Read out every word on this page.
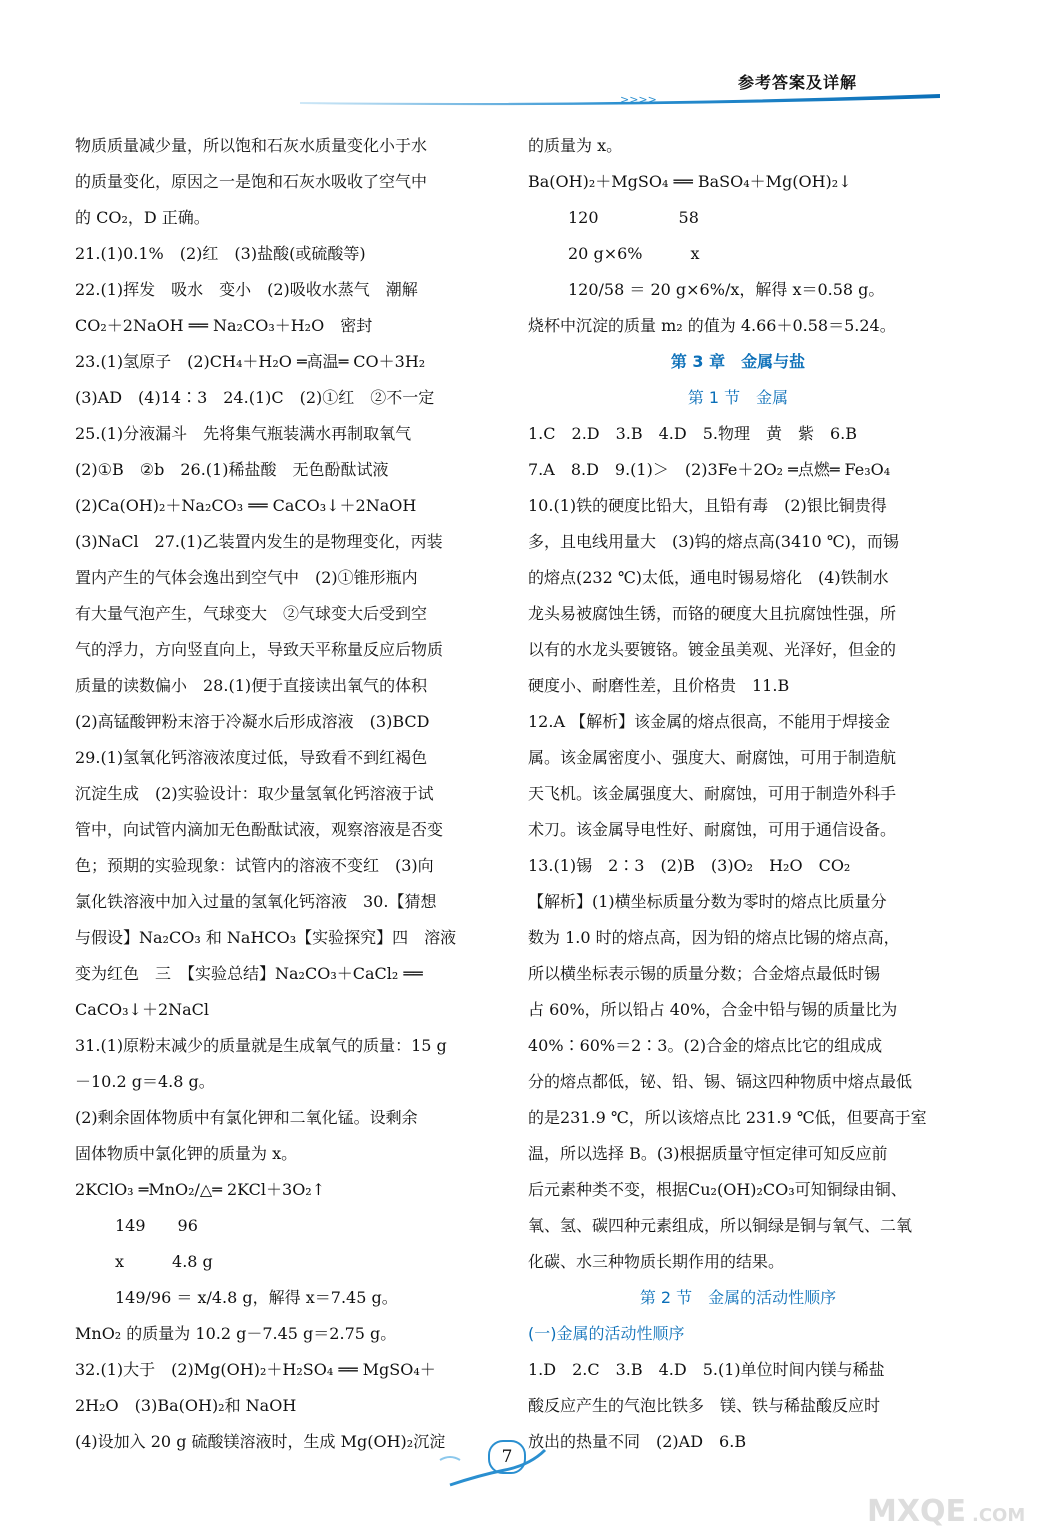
参考答案及详解
>>>>
物质质量减少量，所以饱和石灰水质量变化小于水
的质量变化，原因之一是饱和石灰水吸收了空气中
的 CO₂，D 正确。
21.(1)0.1%　(2)红　(3)盐酸(或硫酸等)
22.(1)挥发　吸水　变小　(2)吸收水蒸气　潮解
CO₂＋2NaOH ══ Na₂CO₃＋H₂O　密封
23.(1)氢原子　(2)CH₄＋H₂O ═高温═ CO＋3H₂
(3)AD　(4)14∶3　24.(1)C　(2)①红　②不一定
25.(1)分液漏斗　先将集气瓶装满水再制取氧气
(2)①B　②b　26.(1)稀盐酸　无色酚酞试液
(2)Ca(OH)₂＋Na₂CO₃ ══ CaCO₃↓＋2NaOH
(3)NaCl　27.(1)乙装置内发生的是物理变化，丙装
置内产生的气体会逸出到空气中　(2)①锥形瓶内
有大量气泡产生，气球变大　②气球变大后受到空
气的浮力，方向竖直向上，导致天平称量反应后物质
质量的读数偏小　28.(1)便于直接读出氧气的体积
(2)高锰酸钾粉末溶于冷凝水后形成溶液　(3)BCD
29.(1)氢氧化钙溶液浓度过低，导致看不到红褐色
沉淀生成　(2)实验设计：取少量氢氧化钙溶液于试
管中，向试管内滴加无色酚酞试液，观察溶液是否变
色；预期的实验现象：试管内的溶液不变红　(3)向
氯化铁溶液中加入过量的氢氧化钙溶液　30.【猜想
与假设】Na₂CO₃ 和 NaHCO₃【实验探究】四　溶液
变为红色　三　【实验总结】Na₂CO₃＋CaCl₂ ══
CaCO₃↓＋2NaCl
31.(1)原粉末减少的质量就是生成氧气的质量：15 g
－10.2 g＝4.8 g。
(2)剩余固体物质中有氯化钾和二氧化锰。设剩余
固体物质中氯化钾的质量为 x。
2KClO₃ ═MnO₂/△═ 2KCl＋3O₂↑
149　　96
x　　　4.8 g
149/96 ＝ x/4.8 g，解得 x＝7.45 g。
MnO₂ 的质量为 10.2 g－7.45 g＝2.75 g。
32.(1)大于　(2)Mg(OH)₂＋H₂SO₄ ══ MgSO₄＋
2H₂O　(3)Ba(OH)₂和 NaOH
(4)设加入 20 g 硫酸镁溶液时，生成 Mg(OH)₂沉淀
的质量为 x。
Ba(OH)₂＋MgSO₄ ══ BaSO₄＋Mg(OH)₂↓
120　　　　　58
20 g×6%　　　x
120/58 ＝ 20 g×6%/x，解得 x＝0.58 g。
烧杯中沉淀的质量 m₂ 的值为 4.66＋0.58＝5.24。
第 3 章　金属与盐
第 1 节　金属
1.C　2.D　3.B　4.D　5.物理　黄　紫　6.B
7.A　8.D　9.(1)＞　(2)3Fe＋2O₂ ═点燃═ Fe₃O₄
10.(1)铁的硬度比铅大，且铅有毒　(2)银比铜贵得
多，且电线用量大　(3)钨的熔点高(3410 ℃)，而锡
的熔点(232 ℃)太低，通电时锡易熔化　(4)铁制水
龙头易被腐蚀生锈，而铬的硬度大且抗腐蚀性强，所
以有的水龙头要镀铬。镀金虽美观、光泽好，但金的
硬度小、耐磨性差，且价格贵　11.B
12.A 【解析】该金属的熔点很高，不能用于焊接金
属。该金属密度小、强度大、耐腐蚀，可用于制造航
天飞机。该金属强度大、耐腐蚀，可用于制造外科手
术刀。该金属导电性好、耐腐蚀，可用于通信设备。
13.(1)锡　2∶3　(2)B　(3)O₂　H₂O　CO₂
【解析】(1)横坐标质量分数为零时的熔点比质量分
数为 1.0 时的熔点高，因为铅的熔点比锡的熔点高，
所以横坐标表示锡的质量分数；合金熔点最低时锡
占 60%，所以铅占 40%，合金中铅与锡的质量比为
40%∶60%＝2∶3。(2)合金的熔点比它的组成成
分的熔点都低，铋、铅、锡、镉这四种物质中熔点最低
的是231.9 ℃，所以该熔点比 231.9 ℃低，但要高于室
温，所以选择 B。(3)根据质量守恒定律可知反应前
后元素种类不变，根据Cu₂(OH)₂CO₃可知铜绿由铜、
氧、氢、碳四种元素组成，所以铜绿是铜与氧气、二氧
化碳、水三种物质长期作用的结果。
第 2 节　金属的活动性顺序
(一)金属的活动性顺序
1.D　2.C　3.B　4.D　5.(1)单位时间内镁与稀盐
酸反应产生的气泡比铁多　镁、铁与稀盐酸反应时
放出的热量不同　(2)AD　6.B
7
MXQE .COM
